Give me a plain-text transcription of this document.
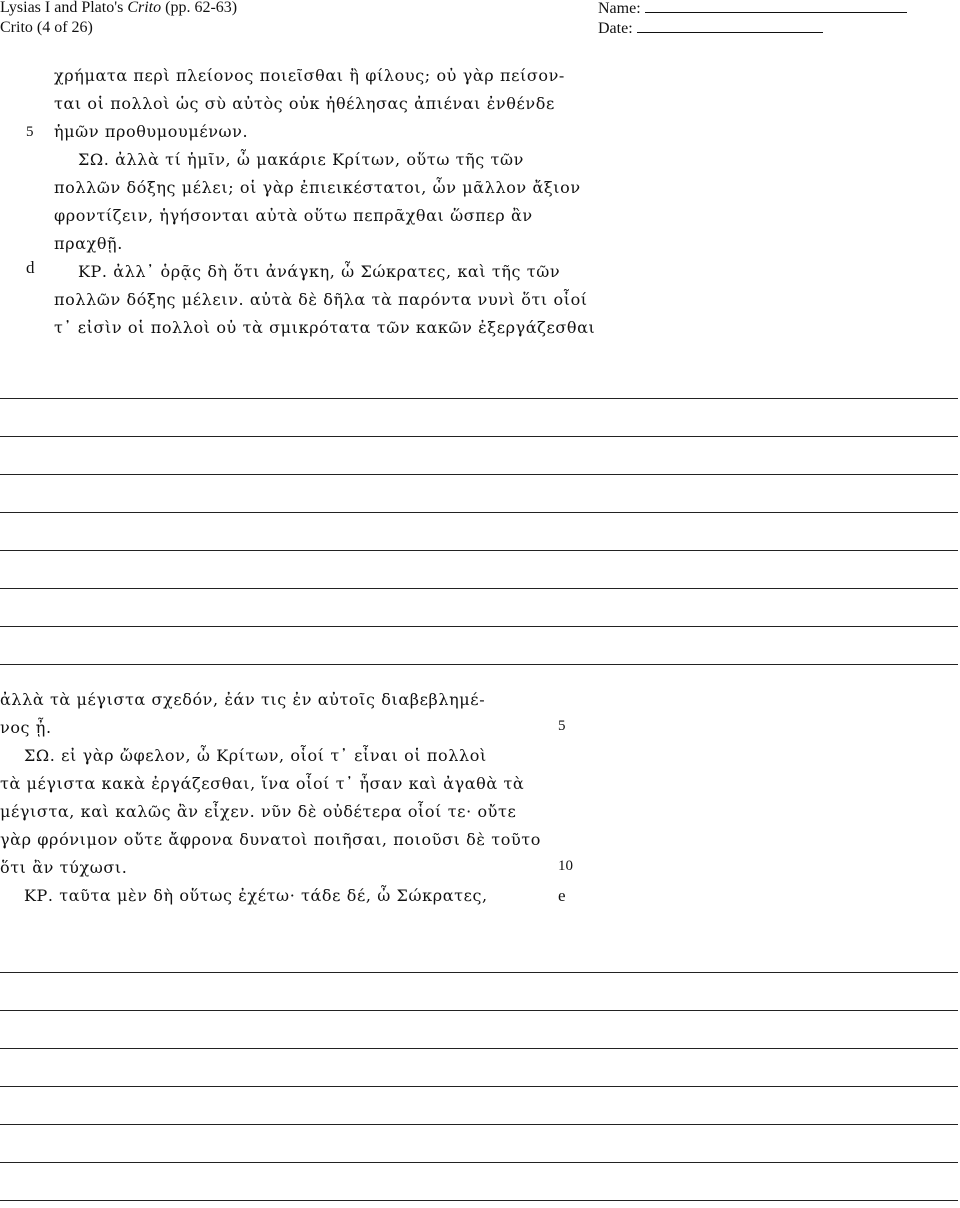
Lysias I and Plato's Crito (pp. 62-63)
Crito (4 of 26)
Name:
Date:
χρήματα περὶ πλείονος ποιεῖσθαι ἢ φίλους; οὐ γὰρ πείσον-
ται οἱ πολλοὶ ὡς σὺ αὐτὸς οὐκ ἠθέλησας ἀπιέναι ἐνθένδε
ἡμῶν προθυμουμένων.
ΣΩ. ἀλλὰ τί ἡμῖν, ὦ μακάριε Κρίτων, οὕτω τῆς τῶν
πολλῶν δόξης μέλει; οἱ γὰρ ἐπιεικέστατοι, ὧν μᾶλλον ἄξιον
φροντίζειν, ἡγήσονται αὐτὰ οὕτω πεπρᾶχθαι ὥσπερ ἂν
πραχθῇ.
ΚΡ. ἀλλ᾽ ὁρᾷς δὴ ὅτι ἀνάγκη, ὦ Σώκρατες, καὶ τῆς τῶν
πολλῶν δόξης μέλειν. αὐτὰ δὲ δῆλα τὰ παρόντα νυνὶ ὅτι οἷοί
τ᾽ εἰσὶν οἱ πολλοὶ οὐ τὰ σμικρότατα τῶν κακῶν ἐξεργάζεσθαι
5
d
ἀλλὰ τὰ μέγιστα σχεδόν, ἐάν τις ἐν αὐτοῖς διαβεβλημέ-
νος ᾖ.
ΣΩ. εἰ γὰρ ὤφελον, ὦ Κρίτων, οἷοί τ᾽ εἶναι οἱ πολλοὶ
τὰ μέγιστα κακὰ ἐργάζεσθαι, ἵνα οἷοί τ᾽ ἦσαν καὶ ἀγαθὰ τὰ
μέγιστα, καὶ καλῶς ἂν εἶχεν. νῦν δὲ οὐδέτερα οἷοί τε· οὔτε
γὰρ φρόνιμον οὔτε ἄφρονα δυνατοὶ ποιῆσαι, ποιοῦσι δὲ τοῦτο
ὅτι ἂν τύχωσι.
ΚΡ. ταῦτα μὲν δὴ οὕτως ἐχέτω· τάδε δέ, ὦ Σώκρατες,
5
10
e
